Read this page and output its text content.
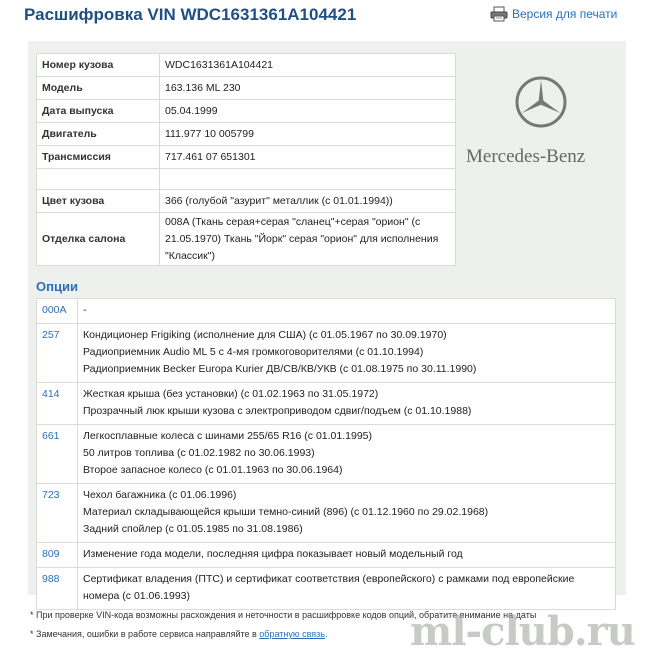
Расшифровка VIN WDC1631361A104421	Версия для печати
Номер кузова	WDC1631361A104421
Модель	163.136 ML 230
Дата выпуска	05.04.1999
Двигатель	111.977 10 005799
Трансмиссия	717.461 07 651301

Цвет кузова	366 (голубой "азурит" металлик (с 01.01.1994))
Отделка салона	008A (Ткань серая+серая "сланец"+серая "орион" (с 21.05.1970) Ткань "Йорк" серая "орион" для исполнения "Классик")
Mercedes-Benz
Опции
000A	-

257	Кондиционер Frigiking (исполнение для США) (с 01.05.1967 по 30.09.1970)
Радиоприемник Audio ML 5 с 4-мя громкоговорителями (с 01.10.1994)
Радиоприемник Becker Europa Kurier ДВ/СВ/КВ/УКВ (с 01.08.1975 по 30.11.1990)

414	Жесткая крыша (без установки) (с 01.02.1963 по 31.05.1972)
Прозрачный люк крыши кузова с электроприводом сдвиг/подъем (с 01.10.1988)

661	Легкосплавные колеса с шинами 255/65 R16 (с 01.01.1995)
50 литров топлива (с 01.02.1982 по 30.06.1993)
Второе запасное колесо (с 01.01.1963 по 30.06.1964)

723	Чехол багажника (с 01.06.1996)
Материал складывающейся крыши темно-синий (896) (с 01.12.1960 по 29.02.1968)
Задний спойлер (с 01.05.1985 по 31.08.1986)

809	Изменение года модели, последняя цифра показывает новый модельный год

988	Сертификат владения (ПТС) и сертификат соответствия (европейского) с рамками под европейские номера (с 01.06.1993)
* При проверке VIN-кода возможны расхождения и неточности в расшифровке кодов опций, обратите внимание на даты
* Замечания, ошибки в работе сервиса направляйте в обратную связь. ml-club.ru
